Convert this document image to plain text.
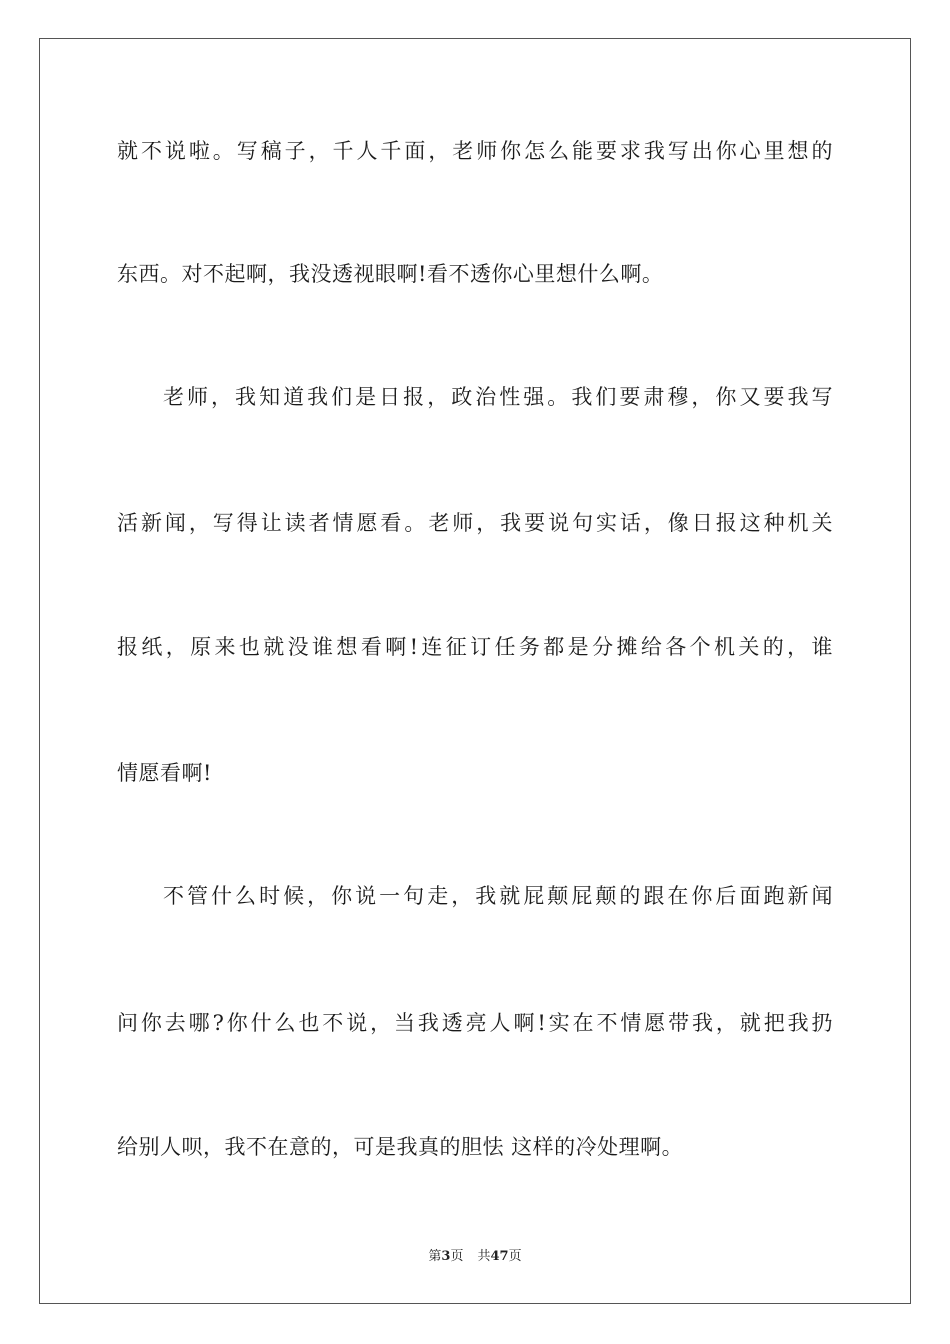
就不说啦。写稿子，千人千面，老师你怎么能要求我写出你心里想的
东西。对不起啊，我没透视眼啊!看不透你心里想什么啊。
老师，我知道我们是日报，政治性强。我们要肃穆，你又要我写
活新闻，写得让读者情愿看。老师，我要说句实话，像日报这种机关
报纸，原来也就没谁想看啊!连征订任务都是分摊给各个机关的，谁
情愿看啊!
不管什么时候，你说一句走，我就屁颠屁颠的跟在你后面跑新闻
问你去哪?你什么也不说，当我透亮人啊!实在不情愿带我，就把我扔
给别人呗，我不在意的，可是我真的胆怯 这样的冷处理啊。
第3页 共47页
